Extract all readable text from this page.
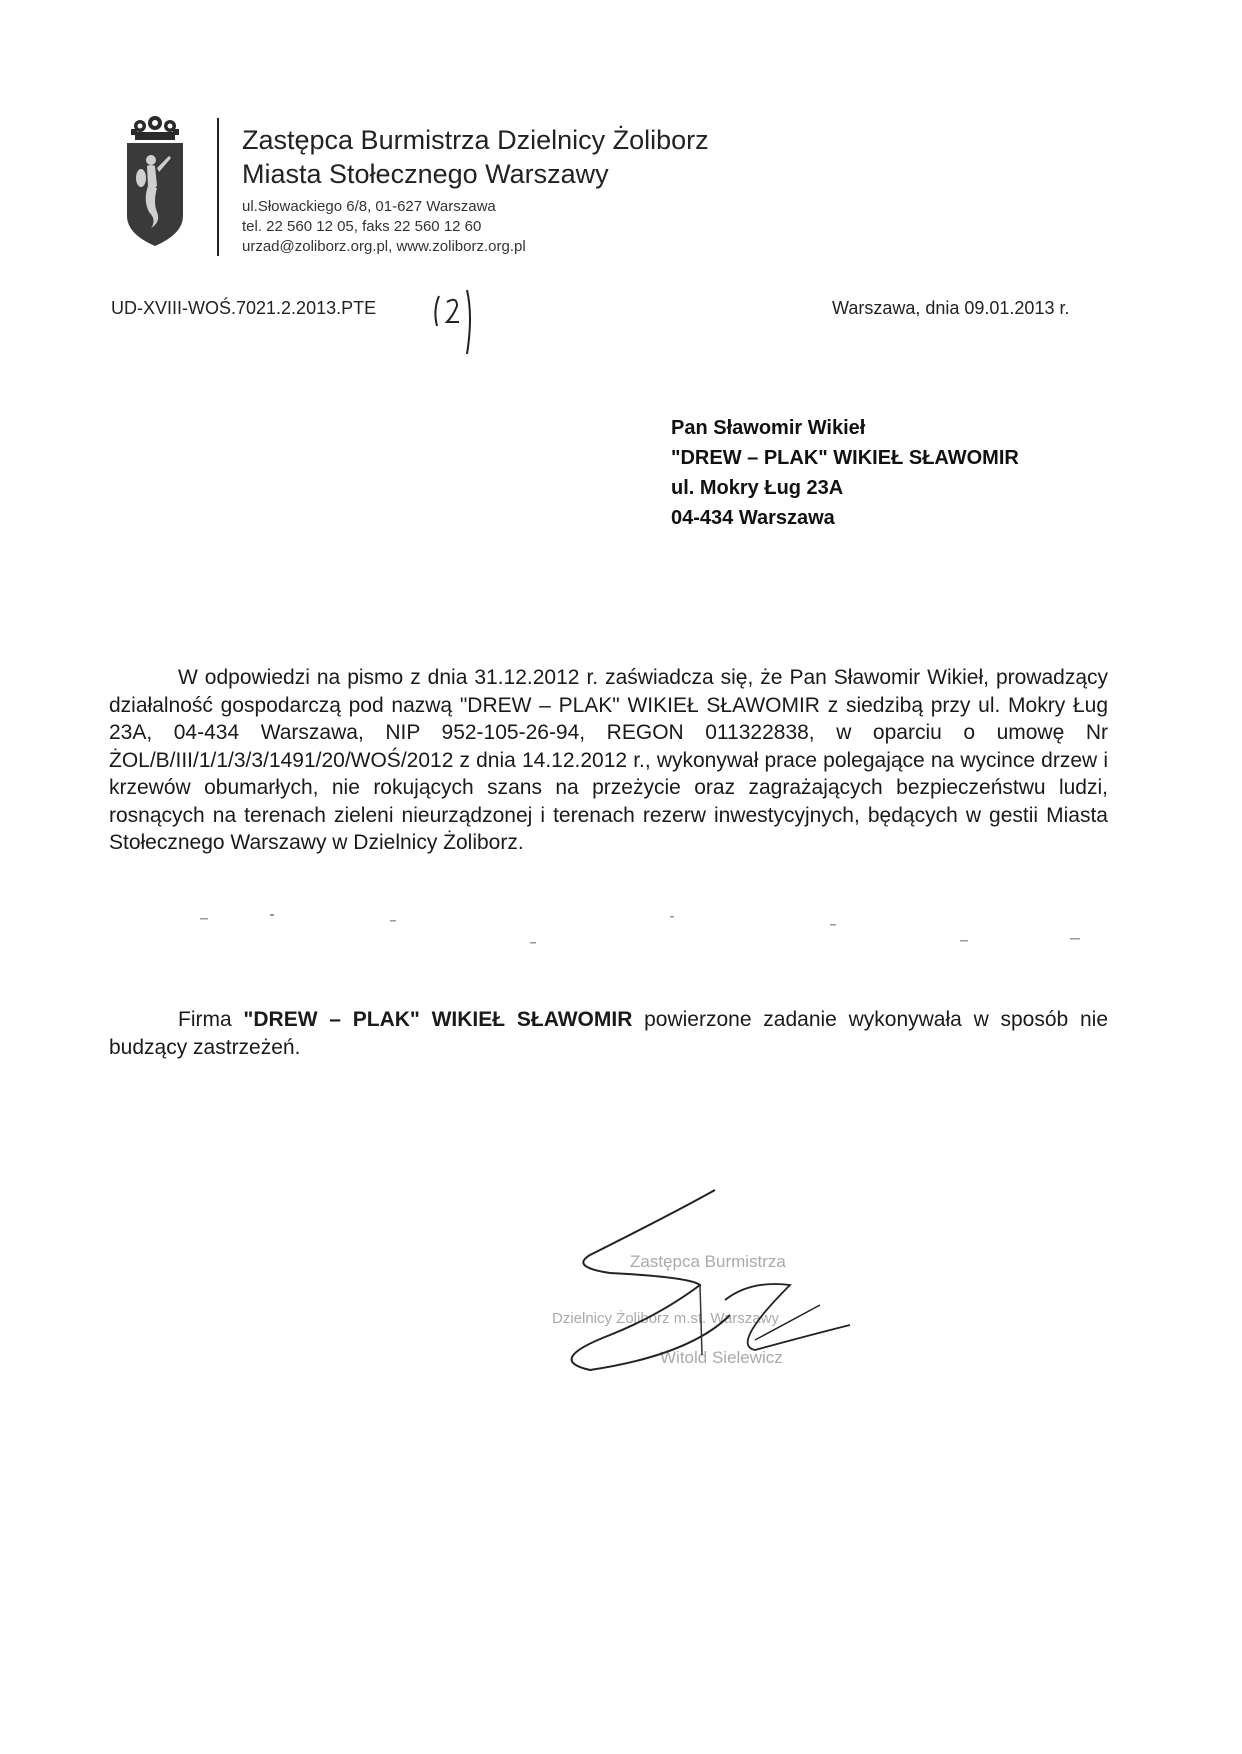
Zastępca Burmistrza Dzielnicy Żoliborz
Miasta Stołecznego Warszawy
ul.Słowackiego 6/8, 01-627 Warszawa
tel. 22 560 12 05, faks 22 560 12 60
urzad@zoliborz.org.pl, www.zoliborz.org.pl
UD-XVIII-WOŚ.7021.2.2013.PTE	Warszawa, dnia 09.01.2013 r.
Pan Sławomir Wikieł
"DREW – PLAK" WIKIEŁ SŁAWOMIR
ul. Mokry Ług 23A
04-434 Warszawa
W odpowiedzi na pismo z dnia 31.12.2012 r. zaświadcza się, że Pan Sławomir Wikieł, prowadzący działalność gospodarczą pod nazwą "DREW – PLAK" WIKIEŁ SŁAWOMIR z siedzibą przy ul. Mokry Ług 23A, 04-434 Warszawa, NIP 952-105-26-94, REGON 011322838, w oparciu o umowę Nr ŻOL/B/III/1/1/3/3/1491/20/WOŚ/2012 z dnia 14.12.2012 r., wykonywał prace polegające na wycince drzew i krzewów obumarłych, nie rokujących szans na przeżycie oraz zagrażających bezpieczeństwu ludzi, rosnących na terenach zieleni nieurządzonej i terenach rezerw inwestycyjnych, będących w gestii Miasta Stołecznego Warszawy w Dzielnicy Żoliborz.
Firma "DREW – PLAK" WIKIEŁ SŁAWOMIR powierzone zadanie wykonywała w sposób nie budzący zastrzeżeń.
Zastępca Burmistrza
Dzielnicy Żoliborz m.st. Warszawy
Witold Sielewicz
